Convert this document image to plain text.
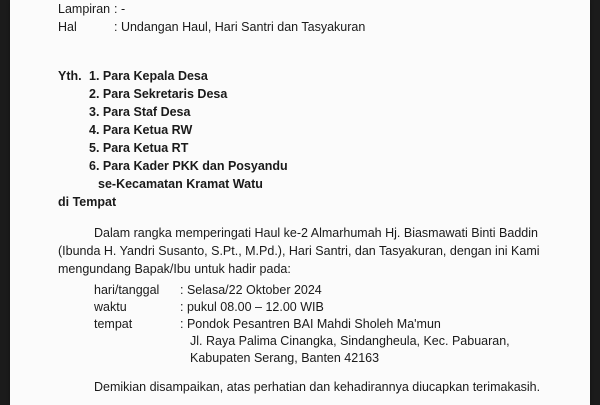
Lampiran : -
Hal	: Undangan Haul, Hari Santri dan Tasyakuran
Yth. 1. Para Kepala Desa
2. Para Sekretaris Desa
3. Para Staf Desa
4. Para Ketua RW
5. Para Ketua RT
6. Para Kader PKK dan Posyandu
se-Kecamatan Kramat Watu
di Tempat
Dalam rangka memperingati Haul ke-2 Almarhumah Hj. Biasmawati Binti Baddin
(Ibunda H. Yandri Susanto, S.Pt., M.Pd.), Hari Santri, dan Tasyakuran, dengan ini Kami
mengundang Bapak/Ibu untuk hadir pada:
hari/tanggal : Selasa/22 Oktober 2024
waktu	: pukul 08.00 – 12.00 WIB
tempat	: Pondok Pesantren BAI Mahdi Sholeh Ma'mun
Jl. Raya Palima Cinangka, Sindangheula, Kec. Pabuaran,
Kabupaten Serang, Banten 42163
Demikian disampaikan, atas perhatian dan kehadirannya diucapkan terimakasih.
